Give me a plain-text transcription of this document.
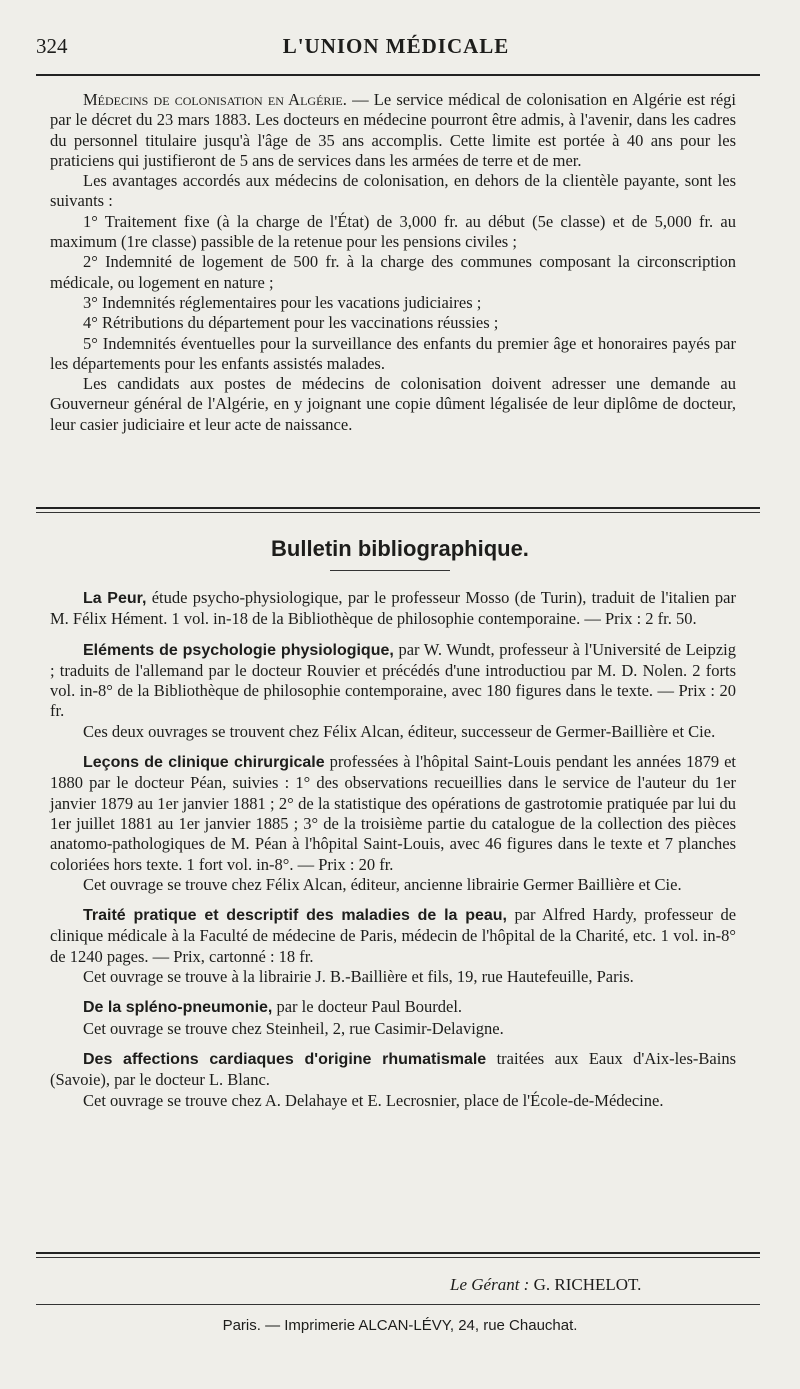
324	L'UNION MÉDICALE

Médecins de colonisation en Algérie. — Le service médical de colonisation en Algérie est régi par le décret du 23 mars 1883. Les docteurs en médecine pourront être admis, à l'avenir, dans les cadres du personnel titulaire jusqu'à l'âge de 35 ans accomplis. Cette limite est portée à 40 ans pour les praticiens qui justifieront de 5 ans de services dans les armées de terre et de mer.

Les avantages accordés aux médecins de colonisation, en dehors de la clientèle payante, sont les suivants :

1° Traitement fixe (à la charge de l'État) de 3,000 fr. au début (5e classe) et de 5,000 fr. au maximum (1re classe) passible de la retenue pour les pensions civiles ;

2° Indemnité de logement de 500 fr. à la charge des communes composant la circonscription médicale, ou logement en nature ;

3° Indemnités réglementaires pour les vacations judiciaires ;

4° Rétributions du département pour les vaccinations réussies ;

5° Indemnités éventuelles pour la surveillance des enfants du premier âge et honoraires payés par les départements pour les enfants assistés malades.

Les candidats aux postes de médecins de colonisation doivent adresser une demande au Gouverneur général de l'Algérie, en y joignant une copie dûment légalisée de leur diplôme de docteur, leur casier judiciaire et leur acte de naissance.

Bulletin bibliographique.

La Peur, étude psycho-physiologique, par le professeur Mosso (de Turin), traduit de l'italien par M. Félix Hément. 1 vol. in-18 de la Bibliothèque de philosophie contemporaine. — Prix : 2 fr. 50.

Eléments de psychologie physiologique, par W. Wundt, professeur à l'Université de Leipzig ; traduits de l'allemand par le docteur Rouvier et précédés d'une introductiou par M. D. Nolen. 2 forts vol. in-8° de la Bibliothèque de philosophie contemporaine, avec 180 figures dans le texte. — Prix : 20 fr.

Ces deux ouvrages se trouvent chez Félix Alcan, éditeur, successeur de Germer-Baillière et Cie.

Leçons de clinique chirurgicale professées à l'hôpital Saint-Louis pendant les années 1879 et 1880 par le docteur Péan, suivies : 1° des observations recueillies dans le service de l'auteur du 1er janvier 1879 au 1er janvier 1881 ; 2° de la statistique des opérations de gastrotomie pratiquée par lui du 1er juillet 1881 au 1er janvier 1885 ; 3° de la troisième partie du catalogue de la collection des pièces anatomo-pathologiques de M. Péan à l'hôpital Saint-Louis, avec 46 figures dans le texte et 7 planches coloriées hors texte. 1 fort vol. in-8°. — Prix : 20 fr.

Cet ouvrage se trouve chez Félix Alcan, éditeur, ancienne librairie Germer Baillière et Cie.

Traité pratique et descriptif des maladies de la peau, par Alfred Hardy, professeur de clinique médicale à la Faculté de médecine de Paris, médecin de l'hôpital de la Charité, etc. 1 vol. in-8° de 1240 pages. — Prix, cartonné : 18 fr.

Cet ouvrage se trouve à la librairie J. B.-Baillière et fils, 19, rue Hautefeuille, Paris.

De la spléno-pneumonie, par le docteur Paul Bourdel.

Cet ouvrage se trouve chez Steinheil, 2, rue Casimir-Delavigne.

Des affections cardiaques d'origine rhumatismale traitées aux Eaux d'Aix-les-Bains (Savoie), par le docteur L. Blanc.

Cet ouvrage se trouve chez A. Delahaye et E. Lecrosnier, place de l'École-de-Médecine.

Le Gérant : G. RICHELOT.
Paris. — Imprimerie ALCAN-LÉVY, 24, rue Chauchat.
